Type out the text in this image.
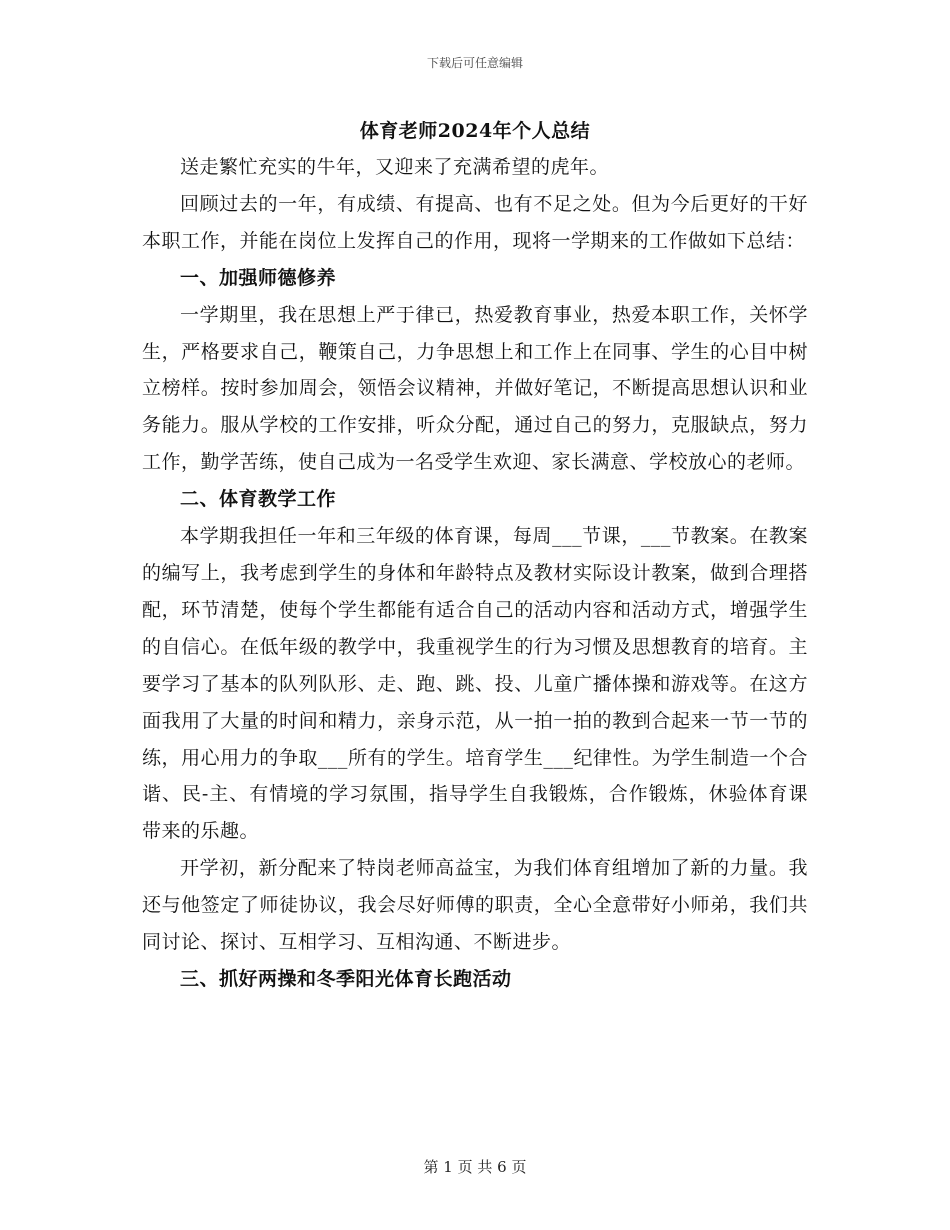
下载后可任意编辑
体育老师2024年个人总结

送走繁忙充实的牛年，又迎来了充满希望的虎年。

回顾过去的一年，有成绩、有提高、也有不足之处。但为今后更好的干好本职工作，并能在岗位上发挥自己的作用，现将一学期来的工作做如下总结：

一、加强师德修养

一学期里，我在思想上严于律已，热爱教育事业，热爱本职工作，关怀学生，严格要求自己，鞭策自己，力争思想上和工作上在同事、学生的心目中树立榜样。按时参加周会，领悟会议精神，并做好笔记，不断提高思想认识和业务能力。服从学校的工作安排，听众分配，通过自己的努力，克服缺点，努力工作，勤学苦练，使自己成为一名受学生欢迎、家长满意、学校放心的老师。

二、体育教学工作

本学期我担任一年和三年级的体育课，每周___节课，___节教案。在教案的编写上，我考虑到学生的身体和年龄特点及教材实际设计教案，做到合理搭配，环节清楚，使每个学生都能有适合自己的活动内容和活动方式，增强学生的自信心。在低年级的教学中，我重视学生的行为习惯及思想教育的培育。主要学习了基本的队列队形、走、跑、跳、投、儿童广播体操和游戏等。在这方面我用了大量的时间和精力，亲身示范，从一拍一拍的教到合起来一节一节的练，用心用力的争取___所有的学生。培育学生___纪律性。为学生制造一个合谐、民-主、有情境的学习氛围，指导学生自我锻炼，合作锻炼，休验体育课带来的乐趣。

开学初，新分配来了特岗老师高益宝，为我们体育组增加了新的力量。我还与他签定了师徒协议，我会尽好师傅的职责，全心全意带好小师弟，我们共同讨论、探讨、互相学习、互相沟通、不断进步。

三、抓好两操和冬季阳光体育长跑活动
第 1 页 共 6 页
